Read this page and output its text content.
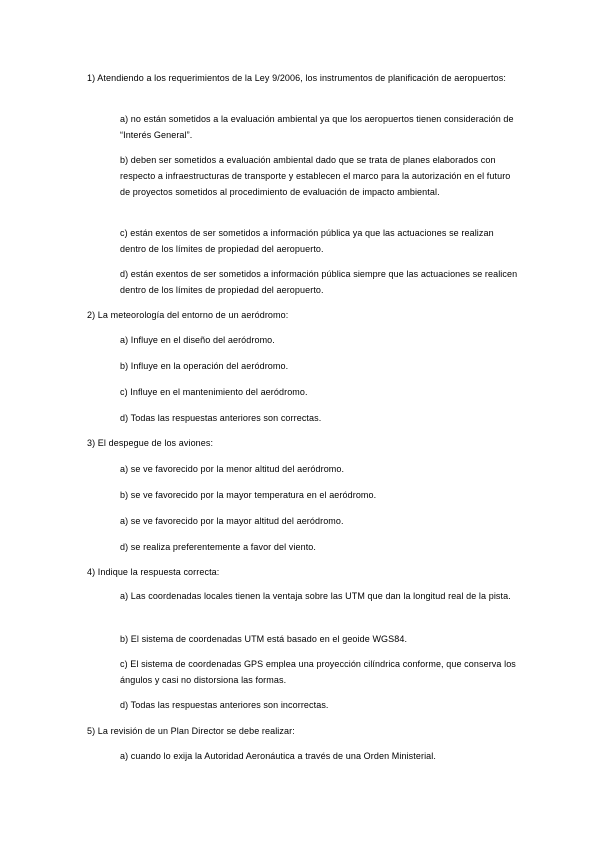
1) Atendiendo a los requerimientos de la Ley 9/2006, los instrumentos de planificación de aeropuertos:
a) no están sometidos a la evaluación ambiental ya que los aeropuertos tienen consideración de “Interés General”.
b) deben ser sometidos a evaluación ambiental dado que se trata de planes elaborados con respecto a infraestructuras de transporte y establecen el marco para la autorización en el futuro de proyectos sometidos al procedimiento de evaluación de impacto ambiental.
c) están exentos de ser sometidos a información pública ya que las actuaciones se realizan dentro de los límites de propiedad del aeropuerto.
d) están exentos de ser sometidos a información pública siempre que las actuaciones se realicen dentro de los límites de propiedad del aeropuerto.
2) La meteorología del entorno de un aeródromo:
a) Influye en el diseño del aeródromo.
b) Influye en la operación del aeródromo.
c) Influye en el mantenimiento del aeródromo.
d) Todas las respuestas anteriores son correctas.
3) El despegue de los aviones:
a) se ve favorecido por la menor altitud del aeródromo.
b) se ve favorecido por la mayor temperatura en el aeródromo.
a) se ve favorecido por la mayor altitud del aeródromo.
d) se realiza preferentemente a favor del viento.
4) Indique la respuesta correcta:
a) Las coordenadas locales tienen la ventaja sobre las UTM que dan la longitud real de la pista.
b) El sistema de coordenadas UTM está basado en el geoide WGS84.
c) El sistema de coordenadas GPS emplea una proyección cilíndrica conforme, que conserva los ángulos y casi no distorsiona las formas.
d) Todas las respuestas anteriores son incorrectas.
5) La revisión de un Plan Director se debe realizar:
a) cuando lo exija la Autoridad Aeronáutica a través de una Orden Ministerial.
